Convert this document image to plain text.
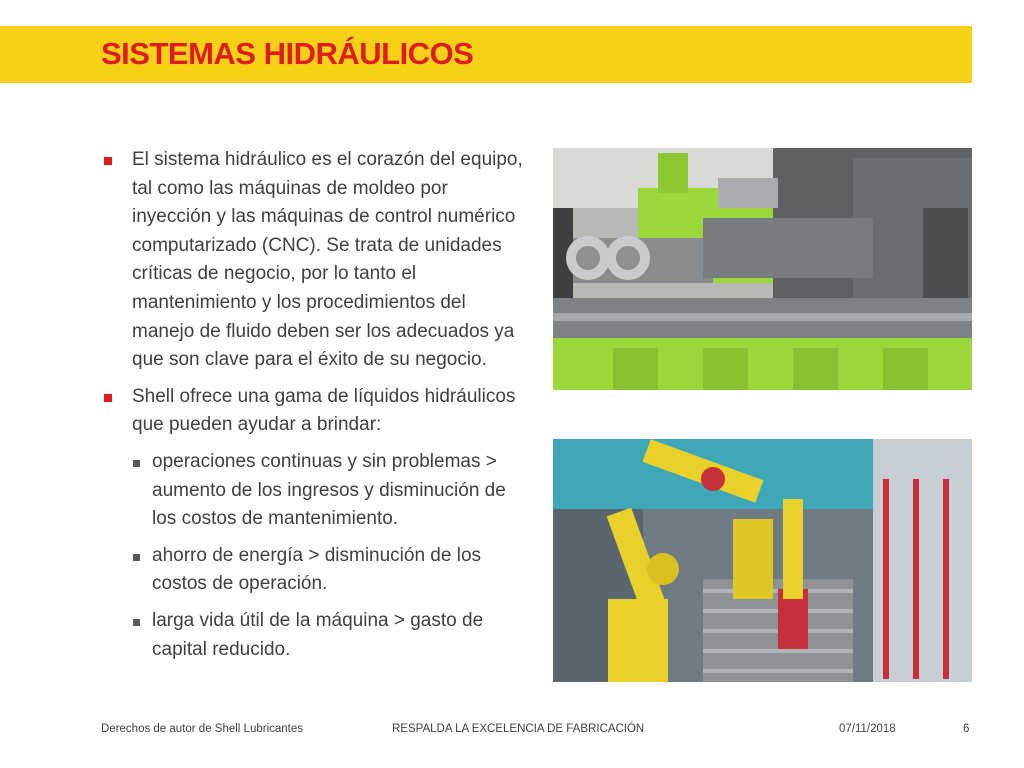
SISTEMAS HIDRÁULICOS
El sistema hidráulico es el corazón del equipo, tal como las máquinas de moldeo por inyección y las máquinas de control numérico computarizado (CNC). Se trata de unidades críticas de negocio, por lo tanto el mantenimiento y los procedimientos del manejo de fluido deben ser los adecuados ya que son clave para el éxito de su negocio.
Shell ofrece una gama de líquidos hidráulicos que pueden ayudar a brindar:
operaciones continuas y sin problemas > aumento de los ingresos y disminución de los costos de mantenimiento.
ahorro de energía > disminución de los costos de operación.
larga vida útil de la máquina > gasto de capital reducido.
Derechos de autor de Shell Lubricantes	RESPALDA LA EXCELENCIA DE FABRICACIÓN	07/11/2018	6
